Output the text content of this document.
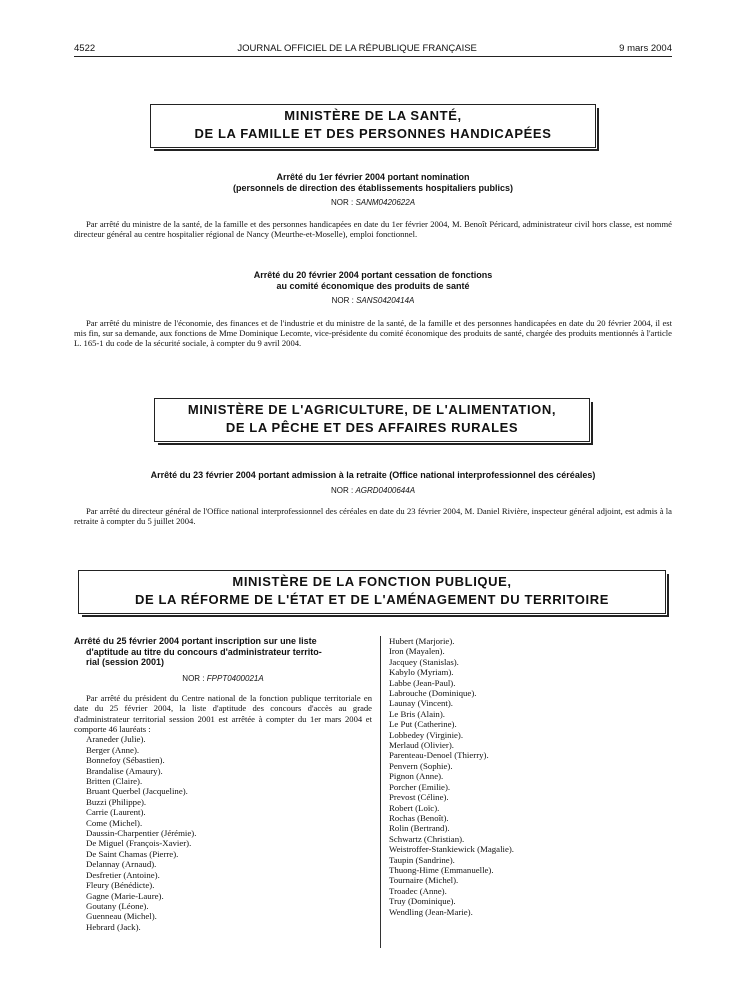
4522	JOURNAL OFFICIEL DE LA RÉPUBLIQUE FRANÇAISE	9 mars 2004
MINISTÈRE DE LA SANTÉ,
DE LA FAMILLE ET DES PERSONNES HANDICAPÉES
Arrêté du 1er février 2004 portant nomination
(personnels de direction des établissements hospitaliers publics)
NOR : SANM0420622A
Par arrêté du ministre de la santé, de la famille et des personnes handicapées en date du 1er février 2004, M. Benoît Péricard, administrateur civil hors classe, est nommé directeur général au centre hospitalier régional de Nancy (Meurthe-et-Moselle), emploi fonctionnel.
Arrêté du 20 février 2004 portant cessation de fonctions
au comité économique des produits de santé
NOR : SANS0420414A
Par arrêté du ministre de l'économie, des finances et de l'industrie et du ministre de la santé, de la famille et des personnes handicapées en date du 20 février 2004, il est mis fin, sur sa demande, aux fonctions de Mme Dominique Lecomte, vice-présidente du comité économique des produits de santé, chargée des produits mentionnés à l'article L. 165-1 du code de la sécurité sociale, à compter du 9 avril 2004.
MINISTÈRE DE L'AGRICULTURE, DE L'ALIMENTATION,
DE LA PÊCHE ET DES AFFAIRES RURALES
Arrêté du 23 février 2004 portant admission à la retraite (Office national interprofessionnel des céréales)
NOR : AGRD0400644A
Par arrêté du directeur général de l'Office national interprofessionnel des céréales en date du 23 février 2004, M. Daniel Rivière, inspecteur général adjoint, est admis à la retraite à compter du 5 juillet 2004.
MINISTÈRE DE LA FONCTION PUBLIQUE,
DE LA RÉFORME DE L'ÉTAT ET DE L'AMÉNAGEMENT DU TERRITOIRE
Arrêté du 25 février 2004 portant inscription sur une liste
d'aptitude au titre du concours d'administrateur territo-
rial (session 2001)
NOR : FPPT0400021A
Par arrêté du président du Centre national de la fonction publique territoriale en date du 25 février 2004, la liste d'aptitude des concours d'accès au grade d'administrateur territorial session 2001 est arrêtée à compter du 1er mars 2004 et comporte 46 lauréats :
Araneder (Julie).
Berger (Anne).
Bonnefoy (Sébastien).
Brandalise (Amaury).
Britten (Claire).
Bruant Querbel (Jacqueline).
Buzzi (Philippe).
Carrie (Laurent).
Come (Michel).
Daussin-Charpentier (Jérémie).
De Miguel (François-Xavier).
De Saint Chamas (Pierre).
Delannay (Arnaud).
Desfretier (Antoine).
Fleury (Bénédicte).
Gagne (Marie-Laure).
Goutany (Léone).
Guenneau (Michel).
Hebrard (Jack).
Hubert (Marjorie).
Iron (Mayalen).
Jacquey (Stanislas).
Kabylo (Myriam).
Labbe (Jean-Paul).
Labrouche (Dominique).
Launay (Vincent).
Le Bris (Alain).
Le Put (Catherine).
Lobbedey (Virginie).
Merlaud (Olivier).
Parenteau-Denoel (Thierry).
Penvern (Sophie).
Pignon (Anne).
Porcher (Emilie).
Prevost (Céline).
Robert (Loïc).
Rochas (Benoît).
Rolin (Bertrand).
Schwartz (Christian).
Weistroffer-Stankiewick (Magalie).
Taupin (Sandrine).
Thuong-Hime (Emmanuelle).
Tournaire (Michel).
Troadec (Anne).
Truy (Dominique).
Wendling (Jean-Marie).
